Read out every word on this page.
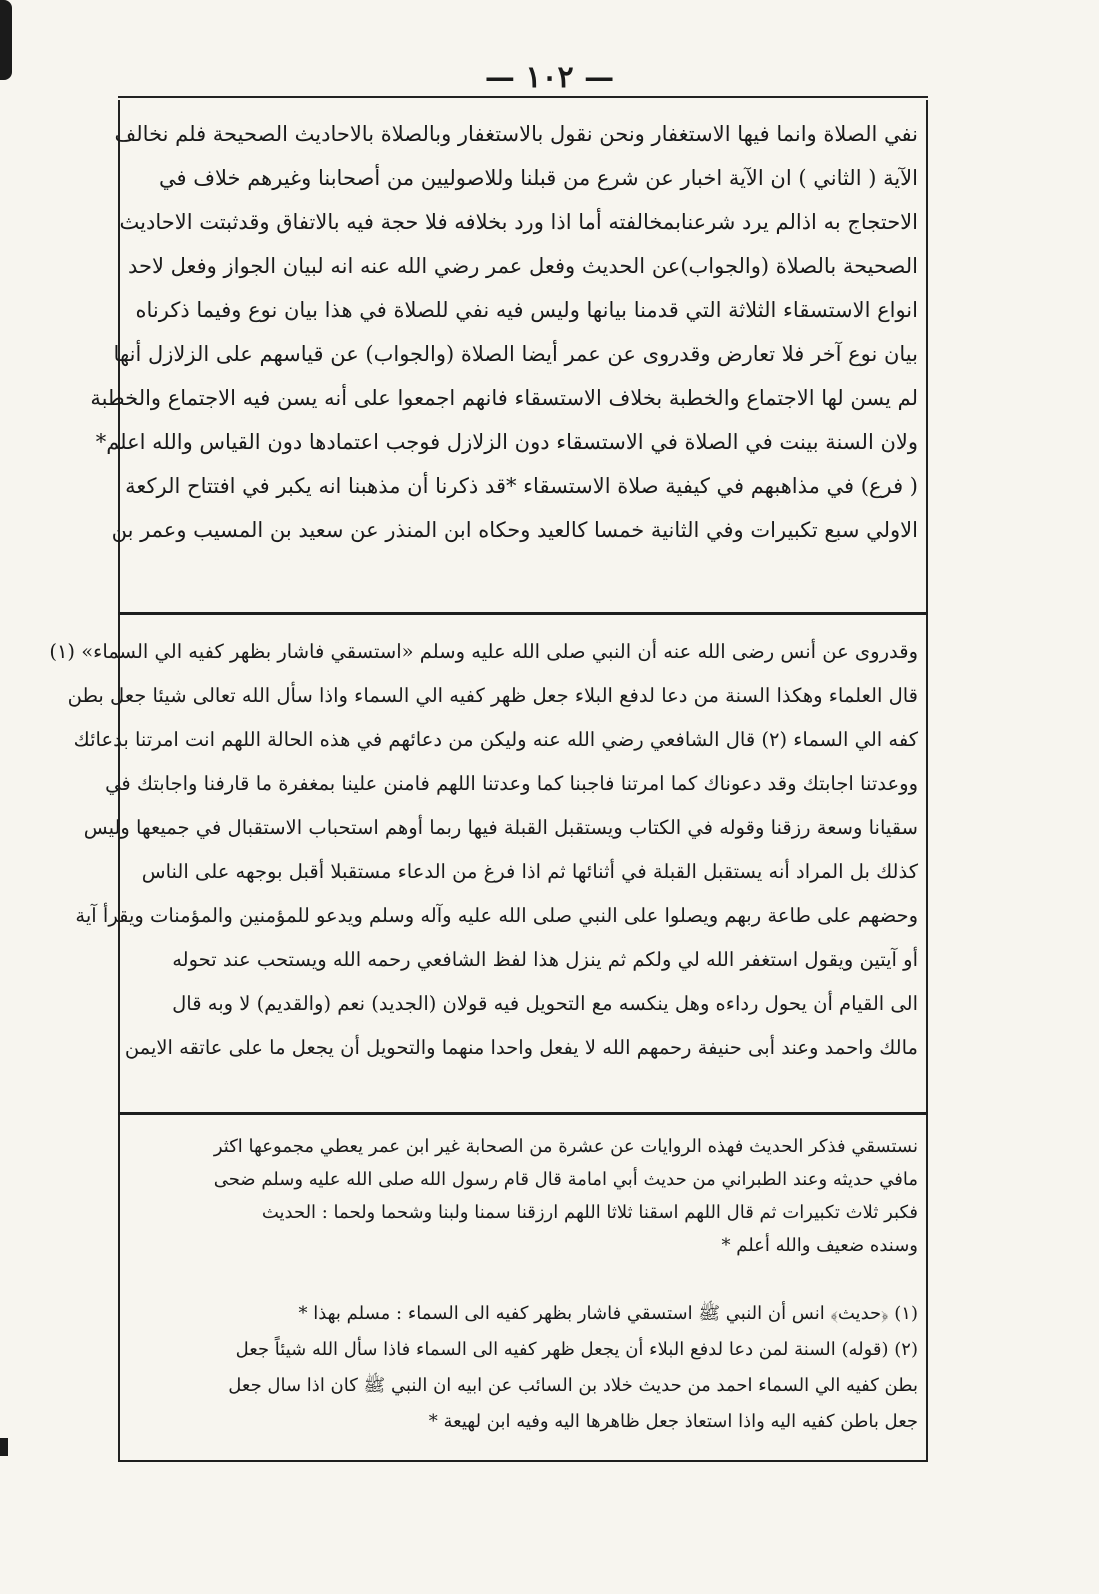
— ١٠٢ —

نفي الصلاة وانما فيها الاستغفار ونحن نقول بالاستغفار وبالصلاة بالاحاديث الصحيحة فلم نخالف

الآية ( الثاني ) ان الآية اخبار عن شرع من قبلنا وللاصوليين من أصحابنا وغيرهم خلاف في

الاحتجاج به اذالم يرد شرعنابمخالفته أما اذا ورد بخلافه فلا حجة فيه بالاتفاق وقدثبتت الاحاديث

الصحيحة بالصلاة (والجواب)عن الحديث وفعل عمر رضي الله عنه انه لبيان الجواز وفعل لاحد

انواع الاستسقاء الثلاثة التي قدمنا بيانها وليس فيه نفي للصلاة في هذا بيان نوع وفيما ذكرناه

بيان نوع آخر فلا تعارض وقدروى عن عمر أيضا الصلاة (والجواب) عن قياسهم على الزلازل أنها

لم يسن لها الاجتماع والخطبة بخلاف الاستسقاء فانهم اجمعوا على أنه يسن فيه الاجتماع والخطبة

ولان السنة بينت في الصلاة في الاستسقاء دون الزلازل فوجب اعتمادها دون القياس والله اعلم*

( فرع) في مذاهبهم في كيفية صلاة الاستسقاء *قد ذكرنا أن مذهبنا انه يكبر في افتتاح الركعة

الاولي سبع تكبيرات وفي الثانية خمسا كالعيد وحكاه ابن المنذر عن سعيد بن المسيب وعمر بن

وقدروى عن أنس رضى الله عنه أن النبي صلى الله عليه وسلم «استسقي فاشار بظهر كفيه الي السماء» (١)

قال العلماء وهكذا السنة من دعا لدفع البلاء جعل ظهر كفيه الي السماء واذا سأل الله تعالى شيئا جعل بطن

كفه الي السماء (٢) قال الشافعي رضي الله عنه وليكن من دعائهم في هذه الحالة اللهم انت امرتنا بدعائك

ووعدتنا اجابتك وقد دعوناك كما امرتنا فاجبنا كما وعدتنا اللهم فامنن علينا بمغفرة ما قارفنا واجابتك في

سقيانا وسعة رزقنا وقوله في الكتاب ويستقبل القبلة فيها ربما أوهم استحباب الاستقبال في جميعها وليس

كذلك بل المراد أنه يستقبل القبلة في أثنائها ثم اذا فرغ من الدعاء مستقبلا أقبل بوجهه على الناس

وحضهم على طاعة ربهم ويصلوا على النبي صلى الله عليه وآله وسلم ويدعو للمؤمنين والمؤمنات ويقرأ آية

أو آيتين ويقول استغفر الله لي ولكم ثم ينزل هذا لفظ الشافعي رحمه الله ويستحب عند تحوله

الى القيام أن يحول رداءه وهل ينكسه مع التحويل فيه قولان (الجديد) نعم (والقديم) لا وبه قال

مالك واحمد وعند أبى حنيفة رحمهم الله لا يفعل واحدا منهما والتحويل أن يجعل ما على عاتقه الايمن

نستسقي فذكر الحديث فهذه الروايات عن عشرة من الصحابة غير ابن عمر يعطي مجموعها اكثر

مافي حديثه وعند الطبراني من حديث أبي امامة قال قام رسول الله صلى الله عليه وسلم ضحى

فكبر ثلاث تكبيرات ثم قال اللهم اسقنا ثلاثا اللهم ارزقنا سمنا ولبنا وشحما ولحما : الحديث

وسنده ضعيف والله أعلم *

(١) ﴿حديث﴾ انس أن النبي ﷺ استسقي فاشار بظهر كفيه الى السماء : مسلم بهذا *

(٢) (قوله) السنة لمن دعا لدفع البلاء أن يجعل ظهر كفيه الى السماء فاذا سأل الله شيئاً جعل

بطن كفيه الي السماء احمد من حديث خلاد بن السائب عن ابيه ان النبي ﷺ كان اذا سال جعل

جعل باطن كفيه اليه واذا استعاذ جعل ظاهرها اليه وفيه ابن لهيعة *
